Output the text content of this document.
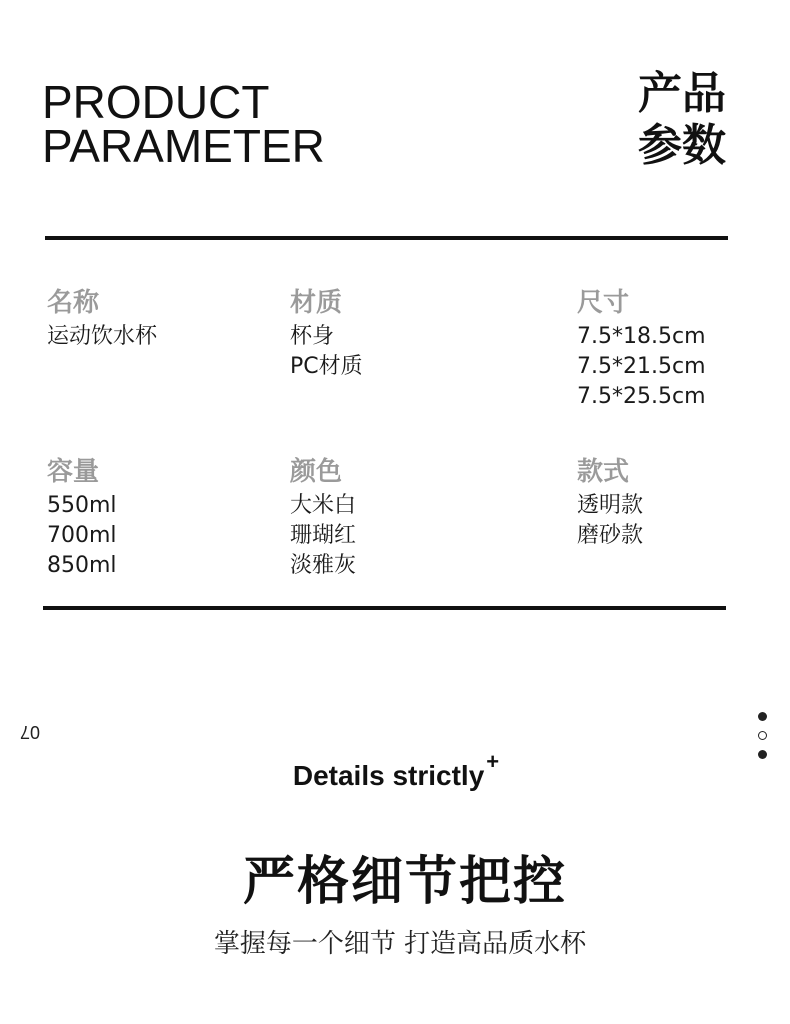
PRODUCT
PARAMETER
产品
参数
名称
运动饮水杯
材质
杯身
PC材质
尺寸
7.5*18.5cm
7.5*21.5cm
7.5*25.5cm
容量
550ml
700ml
850ml
颜色
大米白
珊瑚红
淡雅灰
款式
透明款
磨砂款
07
Details strictly+
严格细节把控
掌握每一个细节 打造高品质水杯
